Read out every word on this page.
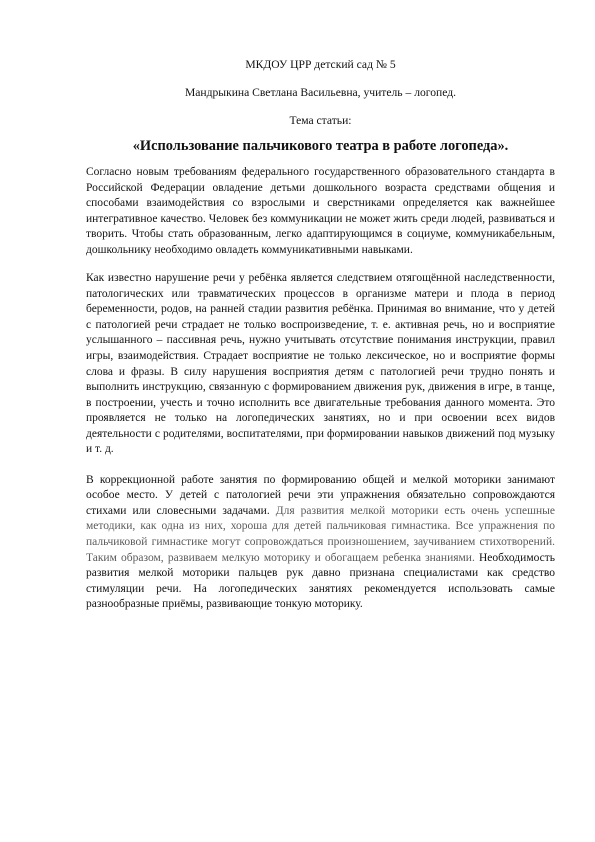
МКДОУ ЦРР детский сад № 5

Мандрыкина Светлана Васильевна, учитель – логопед.

Тема статьи:

«Использование пальчикового театра в работе логопеда».

Согласно новым требованиям федерального государственного образовательного стандарта в Российской Федерации овладение детьми дошкольного возраста средствами общения и способами взаимодействия со взрослыми и сверстниками определяется как важнейшее интегративное качество. Человек без коммуникации не может жить среди людей, развиваться и творить. Чтобы стать образованным, легко адаптирующимся в социуме, коммуникабельным, дошкольнику необходимо овладеть коммуникативными навыками.

Как известно нарушение речи у ребёнка является следствием отягощённой наследственности, патологических или травматических процессов в организме матери и плода в период беременности, родов, на ранней стадии развития ребёнка. Принимая во внимание, что у детей с патологией речи страдает не только воспроизведение, т. е. активная речь, но и восприятие услышанного – пассивная речь, нужно учитывать отсутствие понимания инструкции, правил игры, взаимодействия. Страдает восприятие не только лексическое, но и восприятие формы слова и фразы. В силу нарушения восприятия детям с патологией речи трудно понять и выполнить инструкцию, связанную с формированием движения рук, движения в игре, в танце, в построении, учесть и точно исполнить все двигательные требования данного момента. Это проявляется не только на логопедических занятиях, но и при освоении всех видов деятельности с родителями, воспитателями, при формировании навыков движений под музыку и т. д.

В коррекционной работе занятия по формированию общей и мелкой моторики занимают особое место. У детей с патологией речи эти упражнения обязательно сопровождаются стихами или словесными задачами. Для развития мелкой моторики есть очень успешные методики, как одна из них, хороша для детей пальчиковая гимнастика. Все упражнения по пальчиковой гимнастике могут сопровождаться произношением, заучиванием стихотворений. Таким образом, развиваем мелкую моторику и обогащаем ребенка знаниями. Необходимость развития мелкой моторики пальцев рук давно признана специалистами как средство стимуляции речи. На логопедических занятиях рекомендуется использовать самые разнообразные приёмы, развивающие тонкую моторику.
